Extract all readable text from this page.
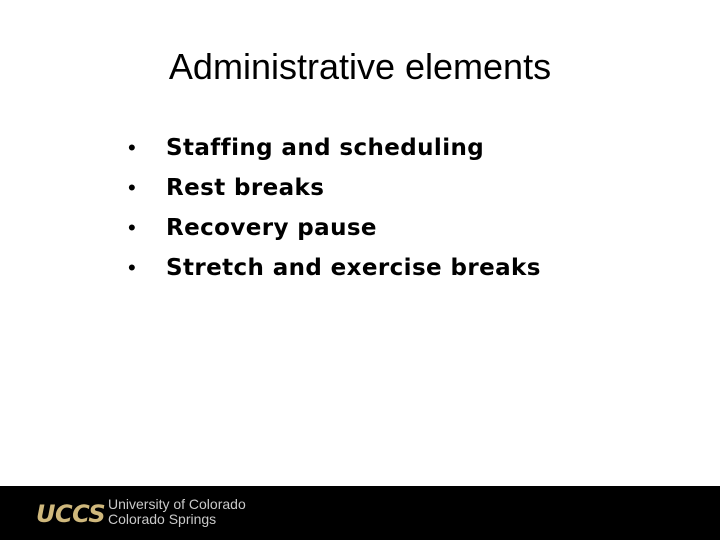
Administrative elements
•	Staffing and scheduling
•	Rest breaks
•	Recovery pause
•	Stretch and exercise breaks
UCCS University of Colorado
Colorado Springs
